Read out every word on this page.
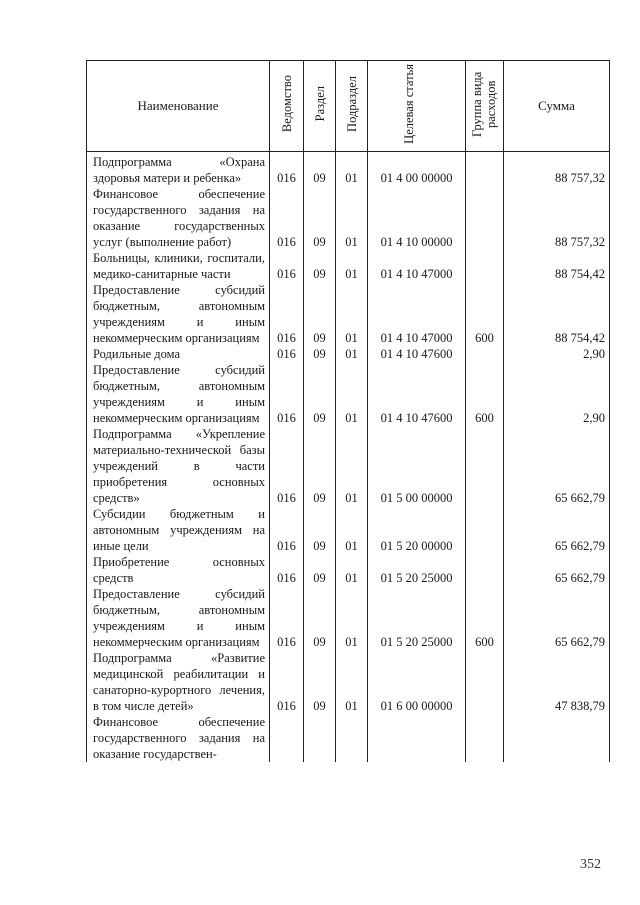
Наименование	Ведомство	Раздел	Подраздел	Целевая статья	Группа вида расходов	Сумма
Подпрограмма «Охрана здоровья матери и ребенка»	016	09	01	01 4 00 00000		88 757,32
Финансовое обеспечение государственного задания на оказание государственных услуг (выполнение работ)	016	09	01	01 4 10 00000		88 757,32
Больницы, клиники, госпитали, медико-санитарные части	016	09	01	01 4 10 47000		88 754,42
Предоставление субсидий бюджетным, автономным учреждениям и иным некоммерческим организациям	016	09	01	01 4 10 47000	600	88 754,42
Родильные дома	016	09	01	01 4 10 47600		2,90
Предоставление субсидий бюджетным, автономным учреждениям и иным некоммерческим организациям	016	09	01	01 4 10 47600	600	2,90
Подпрограмма «Укрепление материально-технической базы учреждений в части приобретения основных средств»	016	09	01	01 5 00 00000		65 662,79
Субсидии бюджетным и автономным учреждениям на иные цели	016	09	01	01 5 20 00000		65 662,79
Приобретение основных средств	016	09	01	01 5 20 25000		65 662,79
Предоставление субсидий бюджетным, автономным учреждениям и иным некоммерческим организациям	016	09	01	01 5 20 25000	600	65 662,79
Подпрограмма «Развитие медицинской реабилитации и санаторно-курортного лечения, в том числе детей»	016	09	01	01 6 00 00000		47 838,79
Финансовое обеспечение государственного задания на оказание государствен-						
352
